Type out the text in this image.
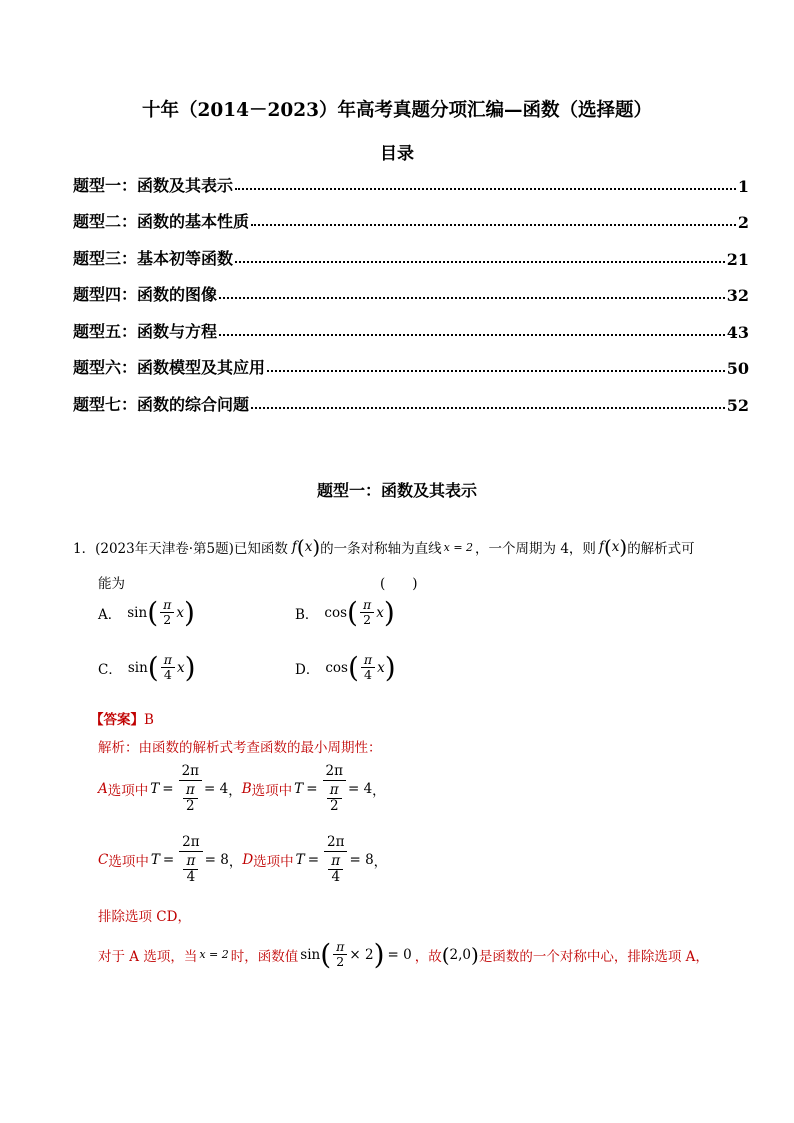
十年（2014－2023）年高考真题分项汇编—函数（选择题）
目录
题型一：函数及其表示	1
题型二：函数的基本性质	2
题型三：基本初等函数	21
题型四：函数的图像	32
题型五：函数与方程	43
题型六：函数模型及其应用	50
题型七：函数的综合问题	52
题型一：函数及其表示
1． (2023年天津卷·第5题)已知函数 f ( x ) 的一条对称轴为直线 x = 2 ，一个周期为 4，则 f ( x ) 的解析式可
能为	(　　)
A． sin ( $\frac{\pi}{2}$ x )	B． cos ( $\frac{\pi}{2}$ x )
C． sin ( $\frac{\pi}{4}$ x )	D． cos ( $\frac{\pi}{4}$ x )
【答案】B
解析：由函数的解析式考查函数的最小周期性：
A 选项中 $T = \frac{2\pi}{\frac{\pi}{2}} = 4$ ， B 选项中 $T = \frac{2\pi}{\frac{\pi}{2}} = 4$ ，
C 选项中 $T = \frac{2\pi}{\frac{\pi}{4}} = 8$ ， D 选项中 $T = \frac{2\pi}{\frac{\pi}{4}} = 8$ ，
排除选项 CD，
对于 A 选项，当 x = 2 时，函数值 sin ( $\frac{\pi}{2} \times 2$ ) = 0 ，故 ( 2,0 ) 是函数的一个对称中心，排除选项 A，
